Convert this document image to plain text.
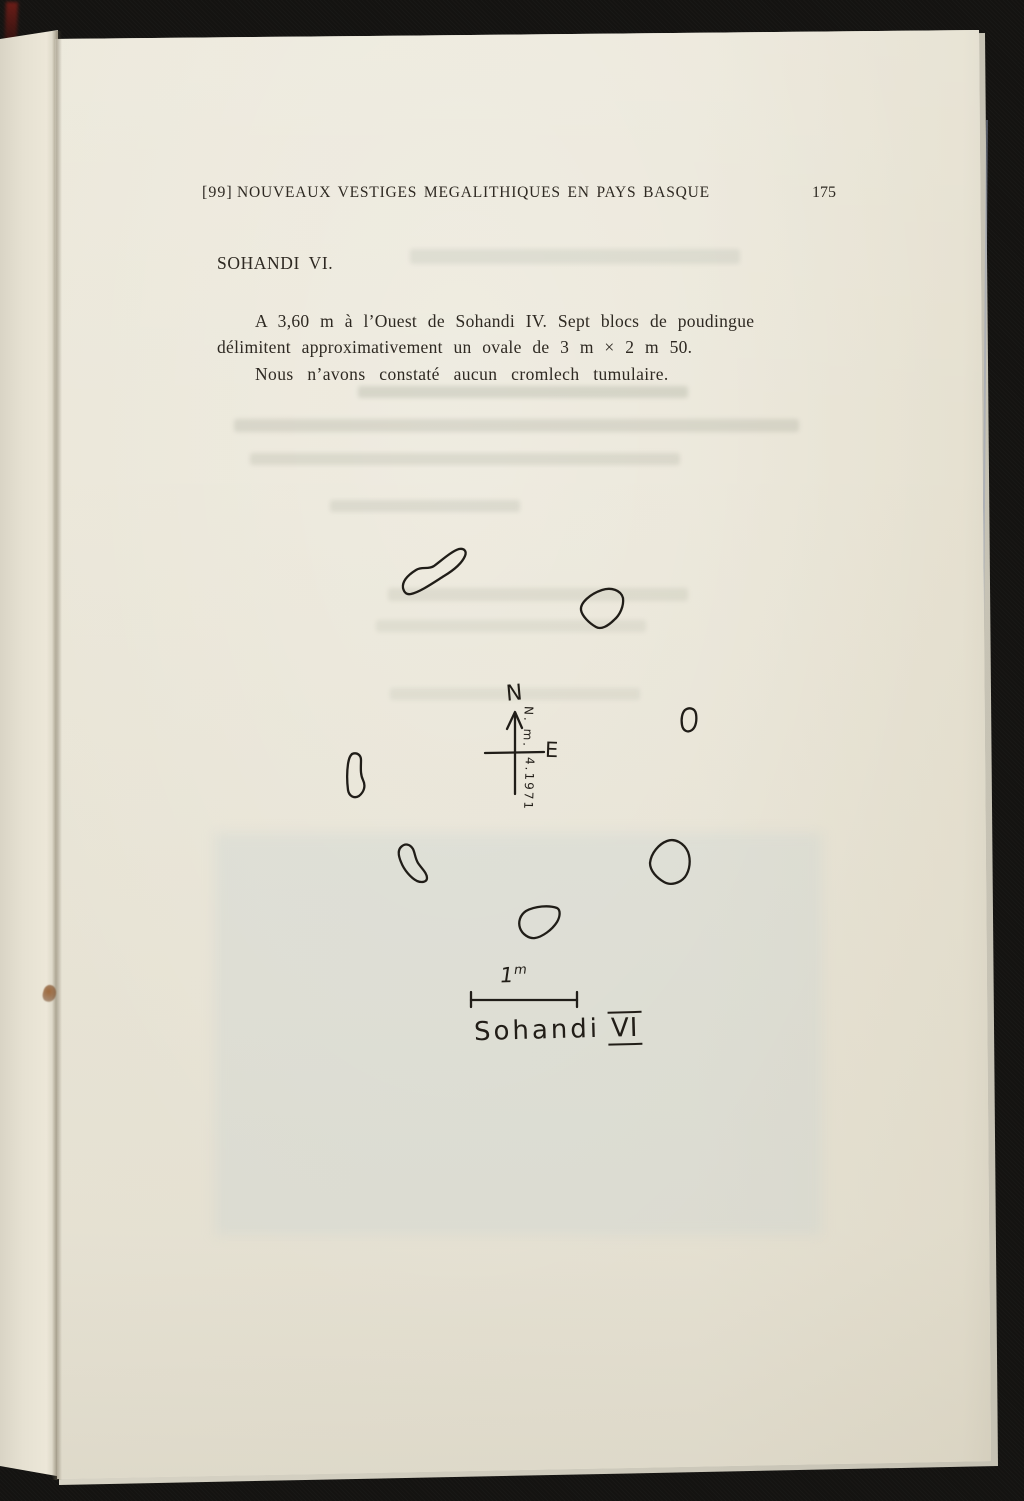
[99] NOUVEAUX VESTIGES MEGALITHIQUES EN PAYS BASQUE	175
SOHANDI VI.
A 3,60 m à l’Ouest de Sohandi IV. Sept blocs de poudingue
délimitent approximativement un ovale de 3 m × 2 m 50.
Nous n’avons constaté aucun cromlech tumulaire.
N
E
N. m.
4.1971
1$^m$
Sohandi VI
